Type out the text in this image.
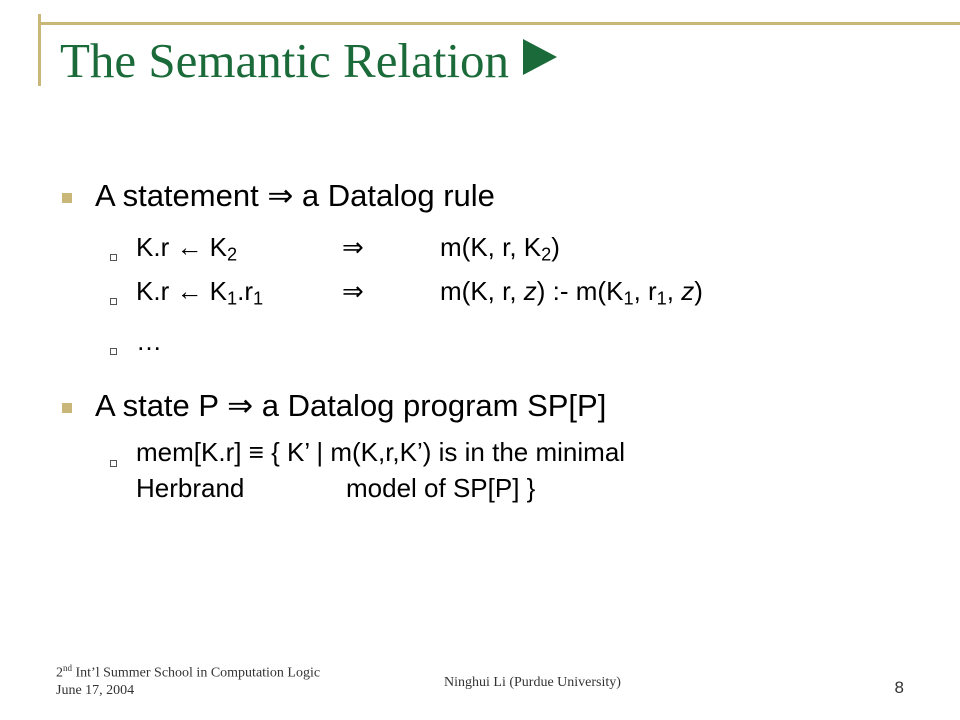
The Semantic Relation
A statement ⇒ a Datalog rule
K.r ← $K_2$	⇒	m(K, r, $K_2$)
K.r ← $K_1.r_1$	⇒	m(K, r, z) :- $m(K_1$, $r_1$, z)
…
A state P ⇒ a Datalog program SP[P]
mem[K.r] ≡ { K’ | m(K,r,K’) is in the minimal
Herbrand	model of SP[P] }
2nd Int’l Summer School in Computation Logic
June 17, 2004
Ninghui Li (Purdue University)	8
